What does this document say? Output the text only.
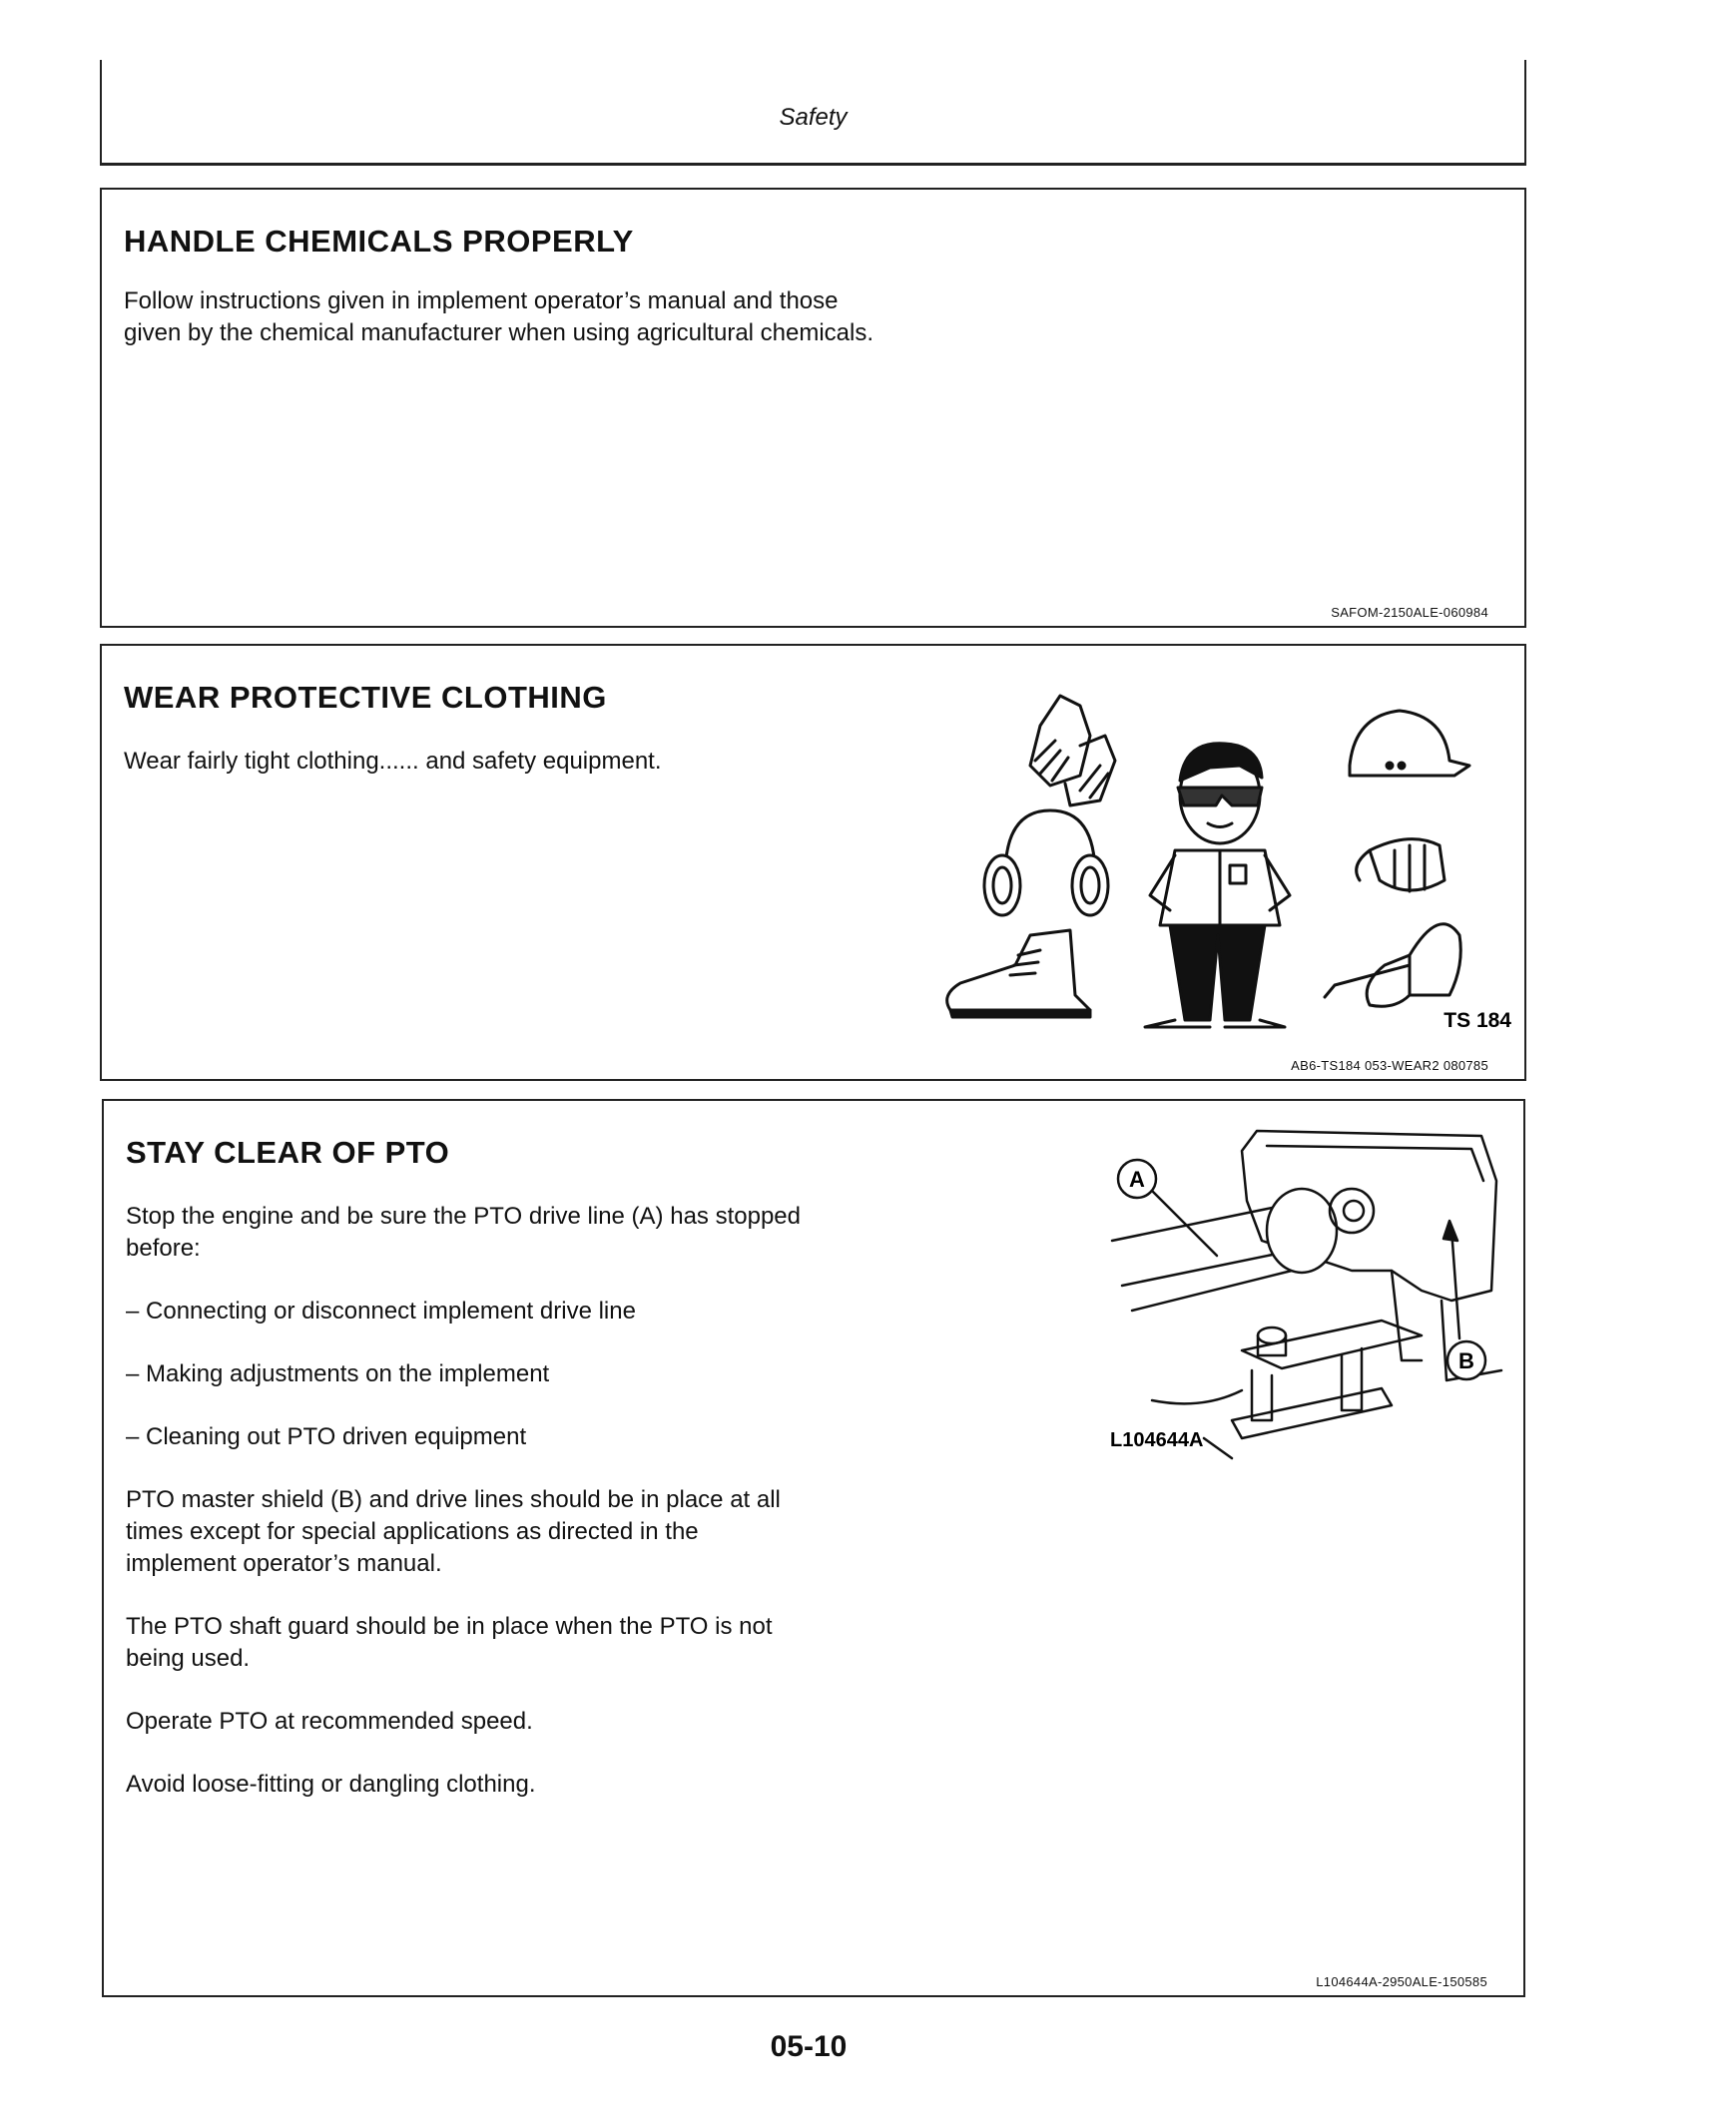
Safety
HANDLE CHEMICALS PROPERLY

Follow instructions given in implement operator’s manual and those given by the chemical manufacturer when using agricultural chemicals.

SAFOM-2150ALE-060984
WEAR PROTECTIVE CLOTHING

Wear fairly tight clothing...... and safety equipment.

TS 184
AB6-TS184 053-WEAR2 080785
STAY CLEAR OF PTO

Stop the engine and be sure the PTO drive line (A) has stopped before:

– Connecting or disconnect implement drive line

– Making adjustments on the implement

– Cleaning out PTO driven equipment

PTO master shield (B) and drive lines should be in place at all times except for special applications as directed in the implement operator’s manual.

The PTO shaft guard should be in place when the PTO is not being used.

Operate PTO at recommended speed.

Avoid loose-fitting or dangling clothing.

A
B
L104644A
L104644A-2950ALE-150585
05-10
